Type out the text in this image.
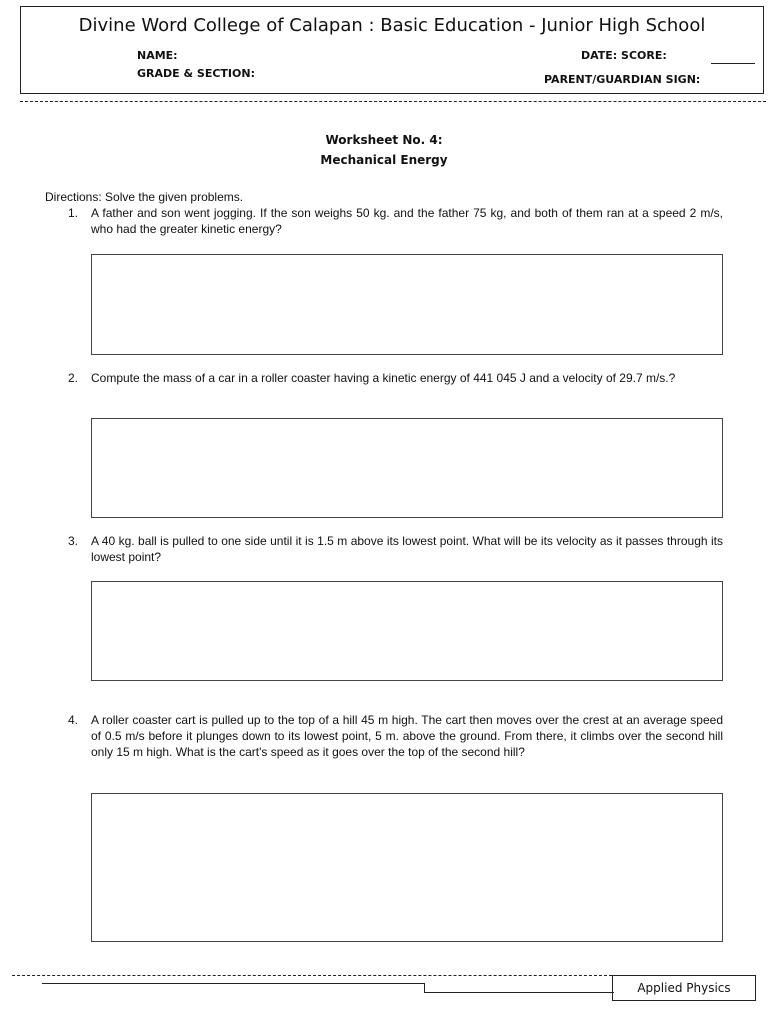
Divine Word College of Calapan : Basic Education - Junior High School
NAME:
GRADE & SECTION:
DATE: SCORE:
PARENT/GUARDIAN SIGN:
Worksheet No. 4:
Mechanical Energy
Directions: Solve the given problems.
1.	A father and son went jogging. If the son weighs 50 kg. and the father 75 kg, and both of them ran at a speed 2 m/s, who had the greater kinetic energy?
2.	Compute the mass of a car in a roller coaster having a kinetic energy of 441 045 J and a velocity of 29.7 m/s.?
3.	A 40 kg. ball is pulled to one side until it is 1.5 m above its lowest point. What will be its velocity as it passes through its lowest point?
4.	A roller coaster cart is pulled up to the top of a hill 45 m high. The cart then moves over the crest at an average speed of 0.5 m/s before it plunges down to its lowest point, 5 m. above the ground. From there, it climbs over the second hill only 15 m high. What is the cart's speed as it goes over the top of the second hill?
Applied Physics
